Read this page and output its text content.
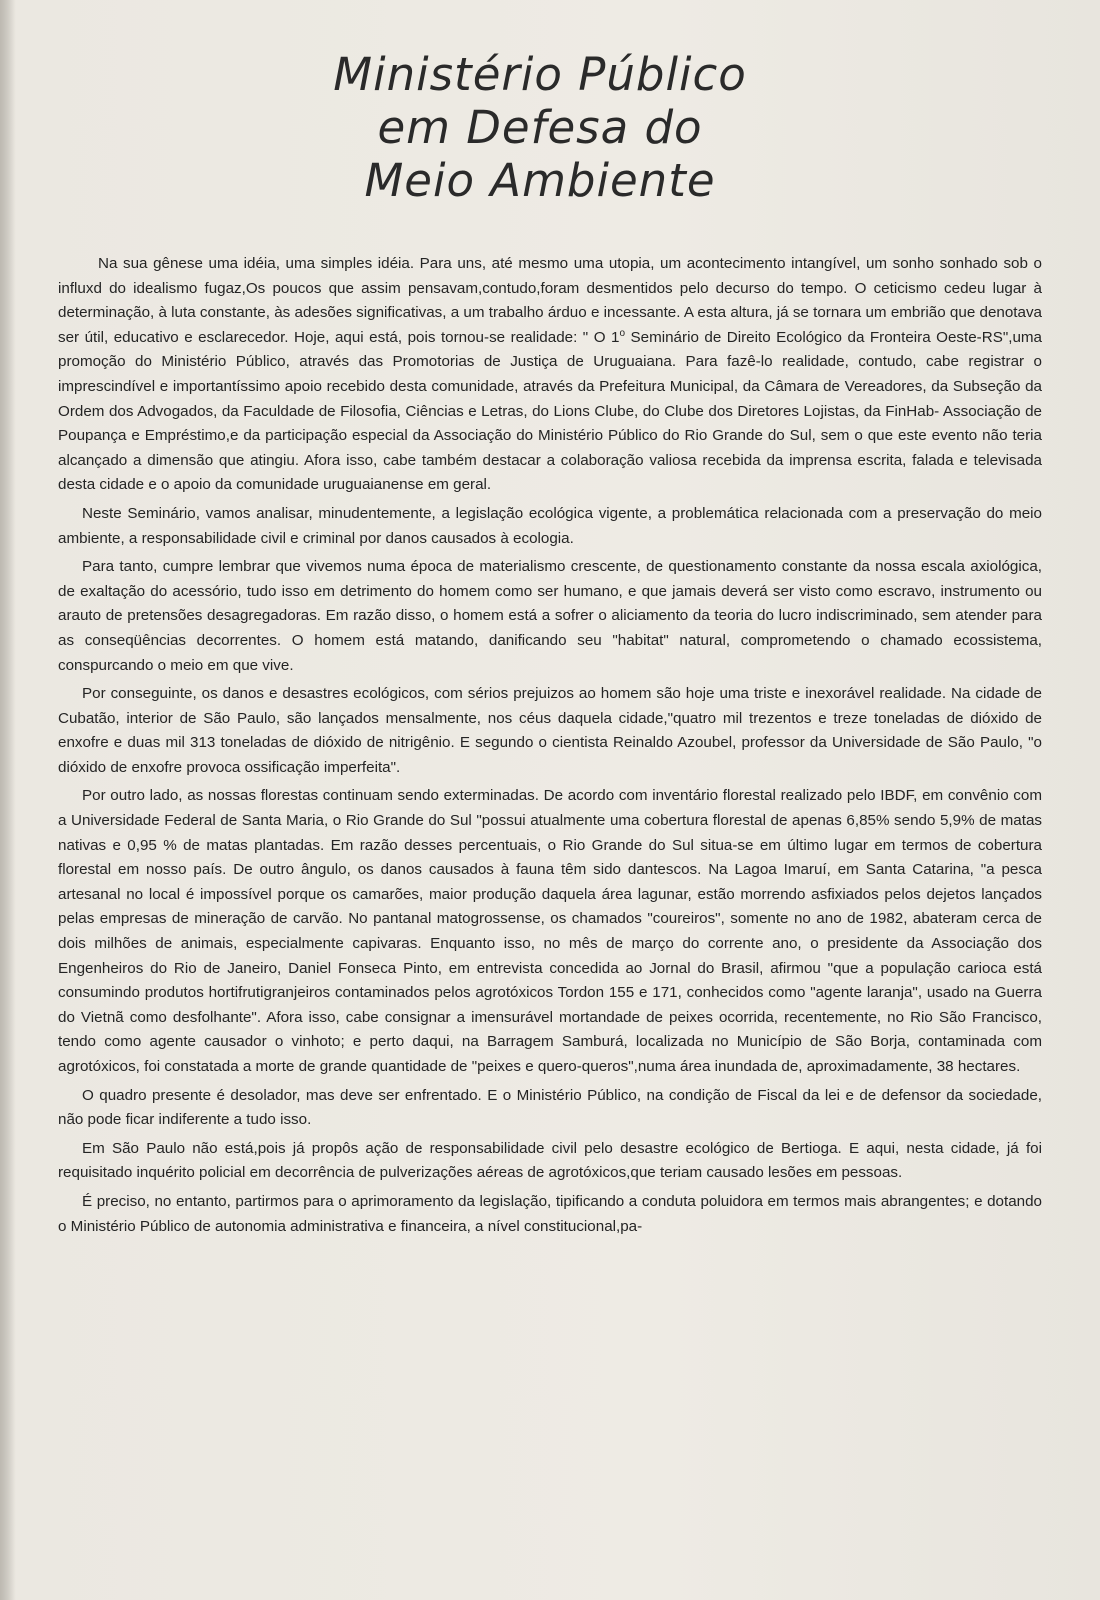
Ministério Público
em Defesa do
Meio Ambiente

Na sua gênese uma idéia, uma simples idéia. Para uns, até mesmo uma utopia, um acontecimento intangível, um sonho sonhado sob o influxd do idealismo fugaz,Os poucos que assim pensavam,contudo,foram desmentidos pelo decurso do tempo. O ceticismo cedeu lugar à determinação, à luta constante, às adesões significativas, a um trabalho árduo e incessante. A esta altura, já se tornara um embrião que denotava ser útil, educativo e esclarecedor. Hoje, aqui está, pois tornou-se realidade: " O 1$^o$ Seminário de Direito Ecológico da Fronteira Oeste-RS",uma promoção do Ministério Público, através das Promotorias de Justiça de Uruguaiana. Para fazê-lo realidade, contudo, cabe registrar o imprescindível e importantíssimo apoio recebido desta comunidade, através da Prefeitura Municipal, da Câmara de Vereadores, da Subseção da Ordem dos Advogados, da Faculdade de Filosofia, Ciências e Letras, do Lions Clube, do Clube dos Diretores Lojistas, da FinHab- Associação de Poupança e Empréstimo,e da participação especial da Associação do Ministério Público do Rio Grande do Sul, sem o que este evento não teria alcançado a dimensão que atingiu. Afora isso, cabe também destacar a colaboração valiosa recebida da imprensa escrita, falada e televisada desta cidade e o apoio da comunidade uruguaianense em geral.

Neste Seminário, vamos analisar, minudentemente, a legislação ecológica vigente, a problemática relacionada com a preservação do meio ambiente, a responsabilidade civil e criminal por danos causados à ecologia.

Para tanto, cumpre lembrar que vivemos numa época de materialismo crescente, de questionamento constante da nossa escala axiológica, de exaltação do acessório, tudo isso em detrimento do homem como ser humano, e que jamais deverá ser visto como escravo, instrumento ou arauto de pretensões desagregadoras. Em razão disso, o homem está a sofrer o aliciamento da teoria do lucro indiscriminado, sem atender para as conseqüências decorrentes. O homem está matando, danificando seu "habitat" natural, comprometendo o chamado ecossistema, conspurcando o meio em que vive.

Por conseguinte, os danos e desastres ecológicos, com sérios prejuizos ao homem são hoje uma triste e inexorável realidade. Na cidade de Cubatão, interior de São Paulo, são lançados mensalmente, nos céus daquela cidade,"quatro mil trezentos e treze toneladas de dióxido de enxofre e duas mil 313 toneladas de dióxido de nitrigênio. E segundo o cientista Reinaldo Azoubel, professor da Universidade de São Paulo, "o dióxido de enxofre provoca ossificação imperfeita".

Por outro lado, as nossas florestas continuam sendo exterminadas. De acordo com inventário florestal realizado pelo IBDF, em convênio com a Universidade Federal de Santa Maria, o Rio Grande do Sul "possui atualmente uma cobertura florestal de apenas 6,85% sendo 5,9% de matas nativas e 0,95 % de matas plantadas. Em razão desses percentuais, o Rio Grande do Sul situa-se em último lugar em termos de cobertura florestal em nosso país. De outro ângulo, os danos causados à fauna têm sido dantescos. Na Lagoa Imaruí, em Santa Catarina, "a pesca artesanal no local é impossível porque os camarões, maior produção daquela área lagunar, estão morrendo asfixiados pelos dejetos lançados pelas empresas de mineração de carvão. No pantanal matogrossense, os chamados "coureiros", somente no ano de 1982, abateram cerca de dois milhões de animais, especialmente capivaras. Enquanto isso, no mês de março do corrente ano, o presidente da Associação dos Engenheiros do Rio de Janeiro, Daniel Fonseca Pinto, em entrevista concedida ao Jornal do Brasil, afirmou "que a população carioca está consumindo produtos hortifrutigranjeiros contaminados pelos agrotóxicos Tordon 155 e 171, conhecidos como "agente laranja", usado na Guerra do Vietnã como desfolhante". Afora isso, cabe consignar a imensurável mortandade de peixes ocorrida, recentemente, no Rio São Francisco, tendo como agente causador o vinhoto; e perto daqui, na Barragem Samburá, localizada no Município de São Borja, contaminada com agrotóxicos, foi constatada a morte de grande quantidade de "peixes e quero-queros",numa área inundada de, aproximadamente, 38 hectares.

O quadro presente é desolador, mas deve ser enfrentado. E o Ministério Público, na condição de Fiscal da lei e de defensor da sociedade, não pode ficar indiferente a tudo isso.

Em São Paulo não está,pois já propôs ação de responsabilidade civil pelo desastre ecológico de Bertioga. E aqui, nesta cidade, já foi requisitado inquérito policial em decorrência de pulverizações aéreas de agrotóxicos,que teriam causado lesões em pessoas.

É preciso, no entanto, partirmos para o aprimoramento da legislação, tipificando a conduta poluidora em termos mais abrangentes; e dotando o Ministério Público de autonomia administrativa e financeira, a nível constitucional,pa-
